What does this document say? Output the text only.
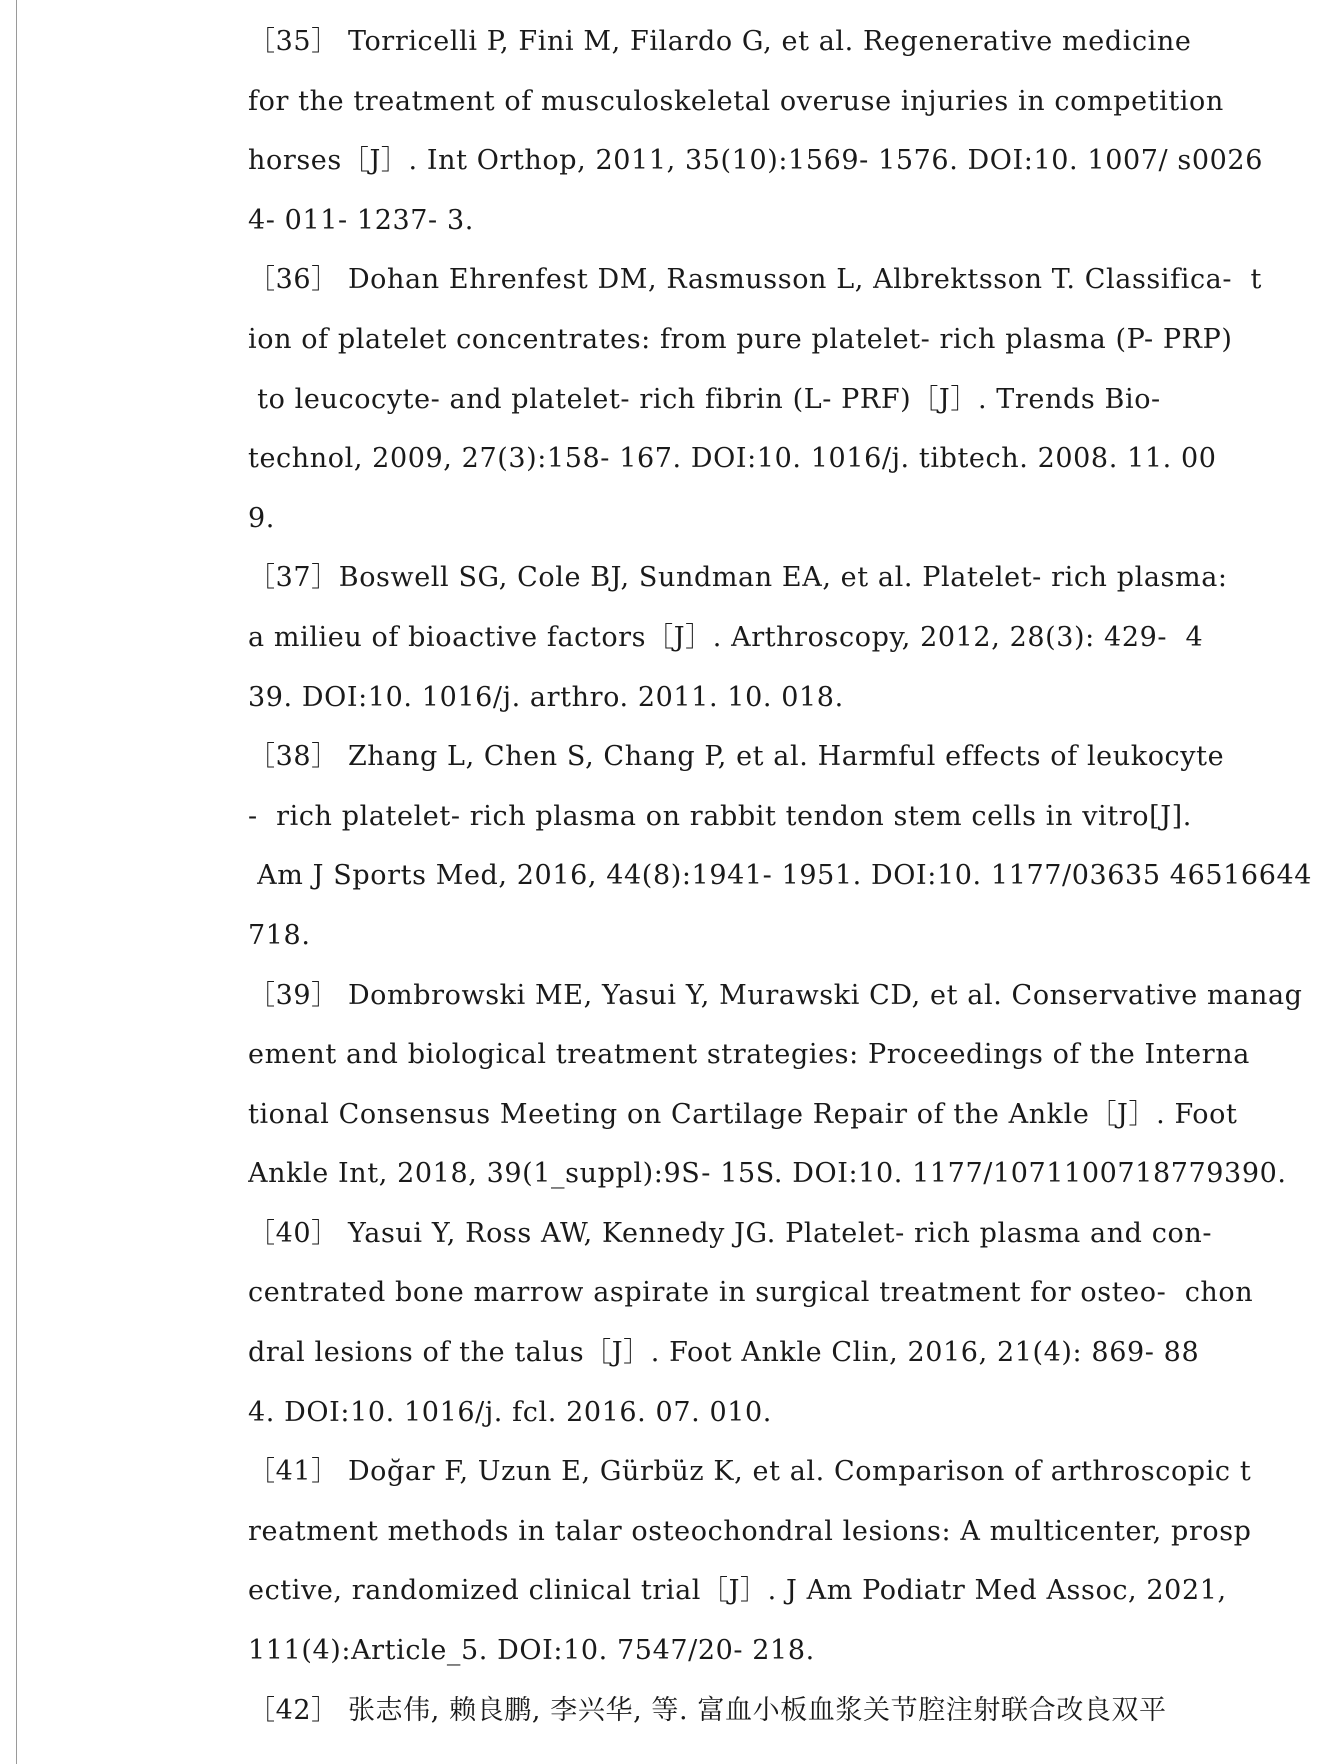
［35］ Torricelli P, Fini M, Filardo G, et al. Regenerative medicine
for the treatment of musculoskeletal overuse injuries in competition
horses［J］. Int Orthop, 2011, 35(10):1569- 1576. DOI:10. 1007/ s0026
4- 011- 1237- 3.
［36］ Dohan Ehrenfest DM, Rasmusson L, Albrektsson T. Classifica-  t
ion of platelet concentrates: from pure platelet- rich plasma (P- PRP)
to leucocyte- and platelet- rich fibrin (L- PRF)［J］. Trends Bio-
technol, 2009, 27(3):158- 167. DOI:10. 1016/j. tibtech. 2008. 11. 00
9.
［37］Boswell SG, Cole BJ, Sundman EA, et al. Platelet- rich plasma:
a milieu of bioactive factors［J］. Arthroscopy, 2012, 28(3): 429-  4
39. DOI:10. 1016/j. arthro. 2011. 10. 018.
［38］ Zhang L, Chen S, Chang P, et al. Harmful effects of leukocyte
-  rich platelet- rich plasma on rabbit tendon stem cells in vitro[J].
Am J Sports Med, 2016, 44(8):1941- 1951. DOI:10. 1177/03635 46516644
718.
［39］ Dombrowski ME, Yasui Y, Murawski CD, et al. Conservative manag
ement and biological treatment strategies: Proceedings of the Interna
tional Consensus Meeting on Cartilage Repair of the Ankle［J］. Foot
Ankle Int, 2018, 39(1_suppl):9S- 15S. DOI:10. 1177/1071100718779390.
［40］ Yasui Y, Ross AW, Kennedy JG. Platelet- rich plasma and con-
centrated bone marrow aspirate in surgical treatment for osteo-  chon
dral lesions of the talus［J］. Foot Ankle Clin, 2016, 21(4): 869- 88
4. DOI:10. 1016/j. fcl. 2016. 07. 010.
［41］ Doğar F, Uzun E, Gürbüz K, et al. Comparison of arthroscopic t
reatment methods in talar osteochondral lesions: A multicenter, prosp
ective, randomized clinical trial［J］. J Am Podiatr Med Assoc, 2021,
111(4):Article_5. DOI:10. 7547/20- 218.
［42］ 张志伟, 赖良鹏, 李兴华, 等. 富血小板血浆关节腔注射联合改良双平
